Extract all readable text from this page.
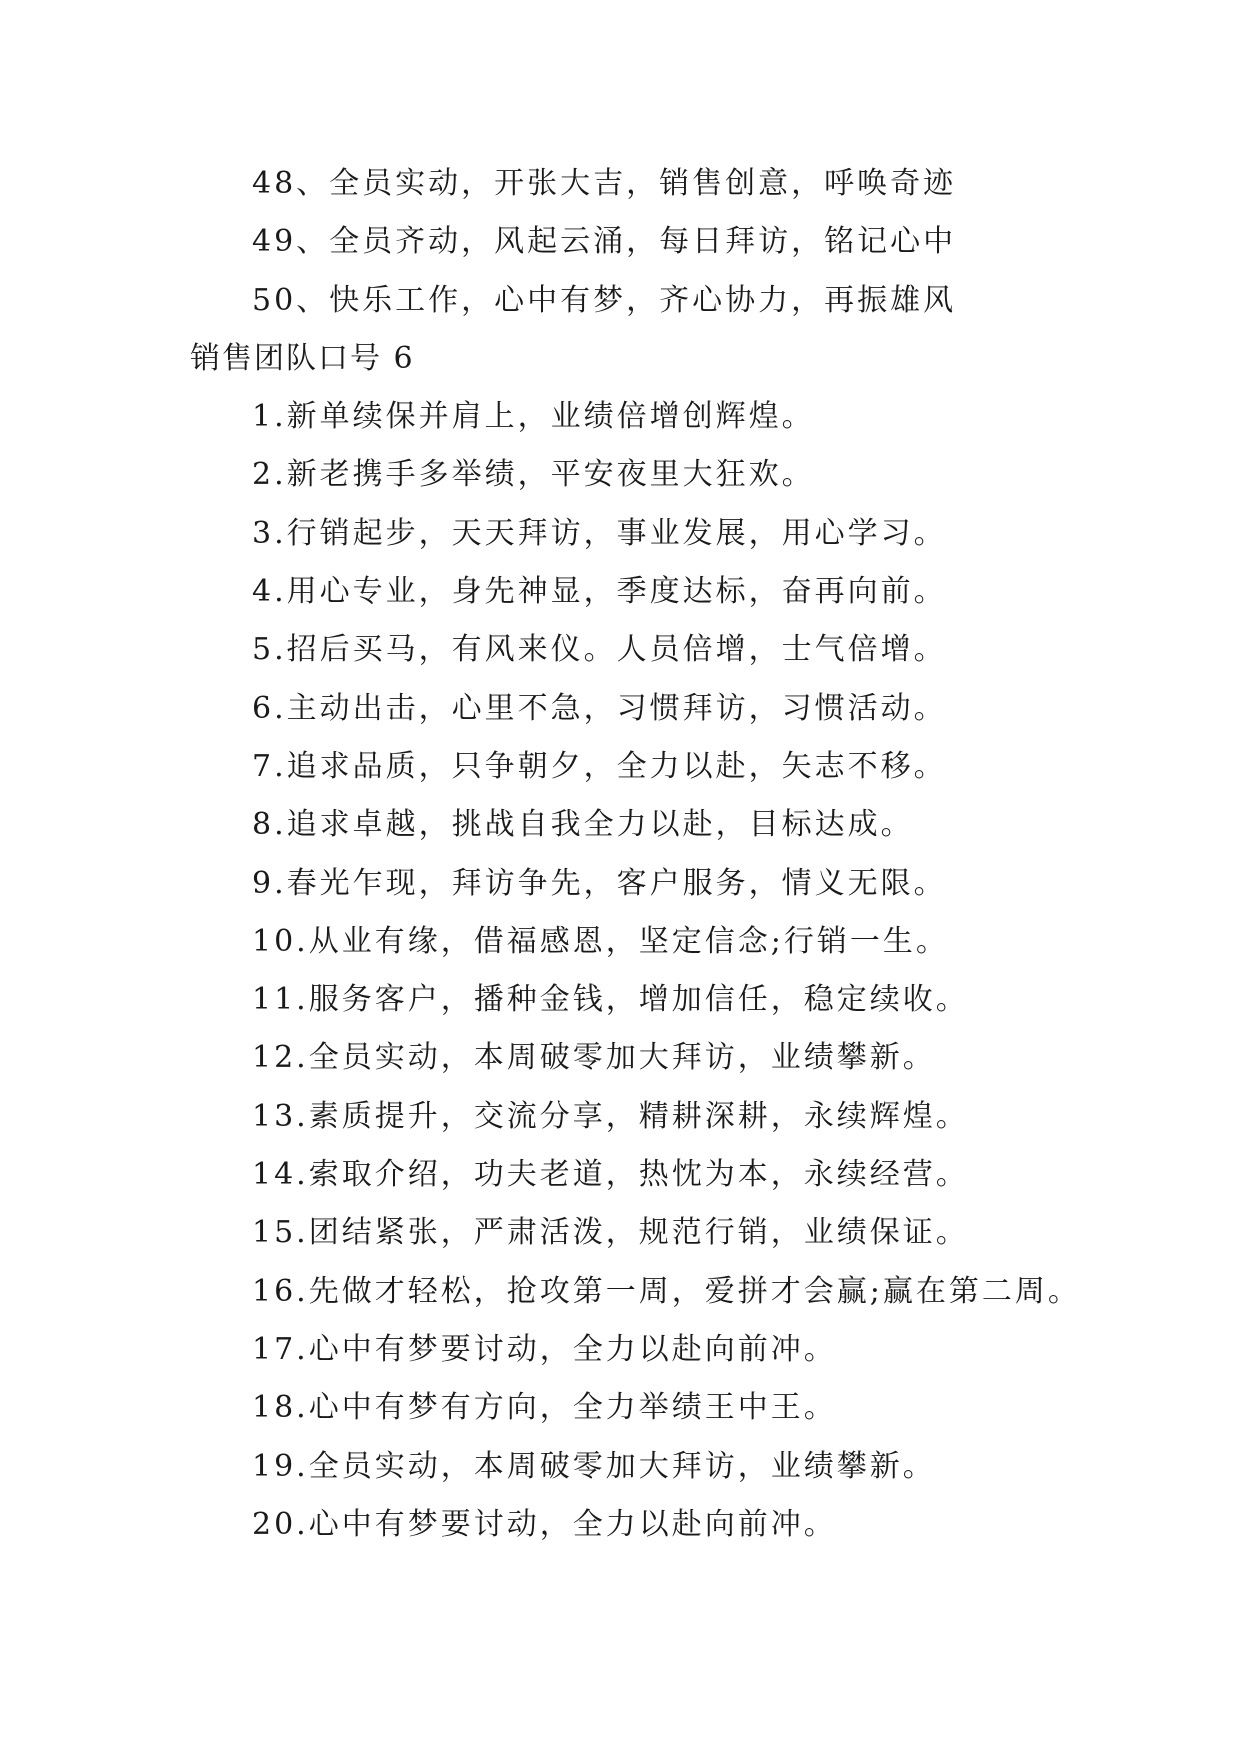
48、全员实动，开张大吉，销售创意，呼唤奇迹
49、全员齐动，风起云涌，每日拜访，铭记心中
50、快乐工作，心中有梦，齐心协力，再振雄风
销售团队口号 6
1.新单续保并肩上，业绩倍增创辉煌。
2.新老携手多举绩，平安夜里大狂欢。
3.行销起步，天天拜访，事业发展，用心学习。
4.用心专业，身先神显，季度达标，奋再向前。
5.招后买马，有风来仪。人员倍增，士气倍增。
6.主动出击，心里不急，习惯拜访，习惯活动。
7.追求品质，只争朝夕，全力以赴，矢志不移。
8.追求卓越，挑战自我全力以赴，目标达成。
9.春光乍现，拜访争先，客户服务，情义无限。
10.从业有缘，借福感恩，坚定信念;行销一生。
11.服务客户，播种金钱，增加信任，稳定续收。
12.全员实动，本周破零加大拜访，业绩攀新。
13.素质提升，交流分享，精耕深耕，永续辉煌。
14.索取介绍，功夫老道，热忱为本，永续经营。
15.团结紧张，严肃活泼，规范行销，业绩保证。
16.先做才轻松，抢攻第一周，爱拼才会赢;赢在第二周。
17.心中有梦要讨动，全力以赴向前冲。
18.心中有梦有方向，全力举绩王中王。
19.全员实动，本周破零加大拜访，业绩攀新。
20.心中有梦要讨动，全力以赴向前冲。
